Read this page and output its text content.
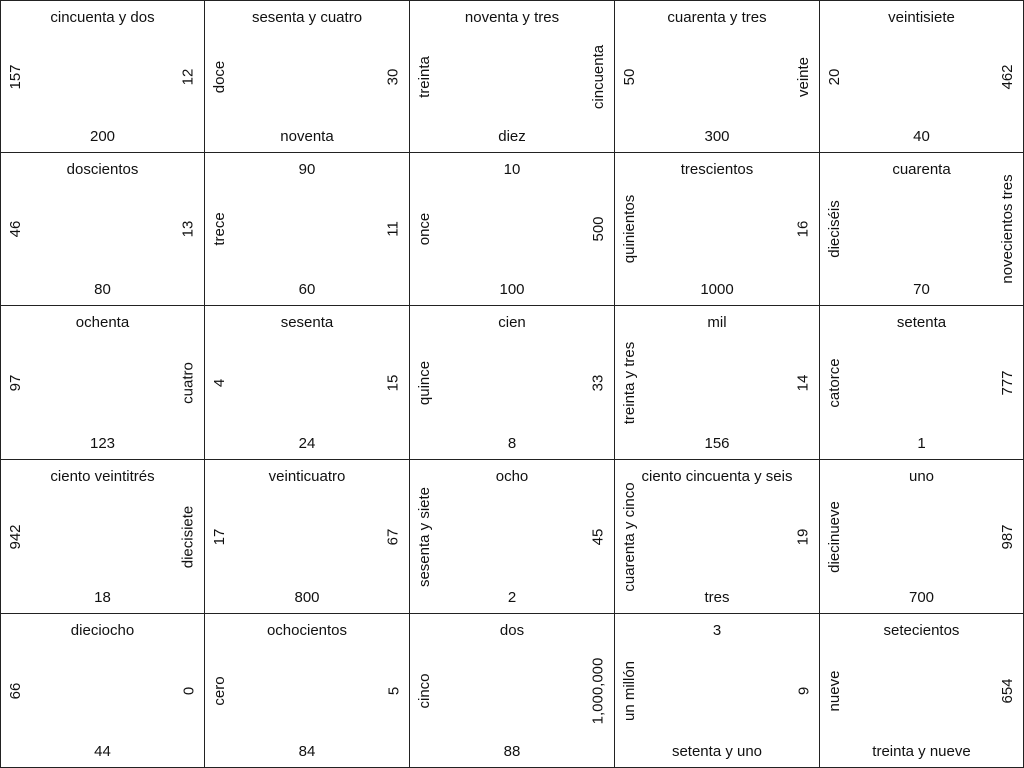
cincuenta y dos
157	12
200
sesenta y cuatro
doce	30
noventa
noventa y tres
treinta	cincuenta
diez
cuarenta y tres
50	veinte
300
veintisiete
20	462
40
doscientos
46	13
80
90
trece	11
60
10
once	500
100
trescientos
quinientos	16
1000
cuarenta
dieciséis	novecientos tres
70
ochenta
97	cuatro
123
sesenta
4	15
24
cien
quince	33
8
mil
treinta y tres	14
156
setenta
catorce	777
1
ciento veintitrés
942	diecisiete
18
veinticuatro
17	67
800
ocho
sesenta y siete	45
2
ciento cincuenta y seis
cuarenta y cinco	19
tres
uno
diecinueve	987
700
dieciocho
66	0
44
ochocientos
cero	5
84
dos
cinco	1,000,000
88
3
un millón	9
setenta y uno
setecientos
nueve	654
treinta y nueve
